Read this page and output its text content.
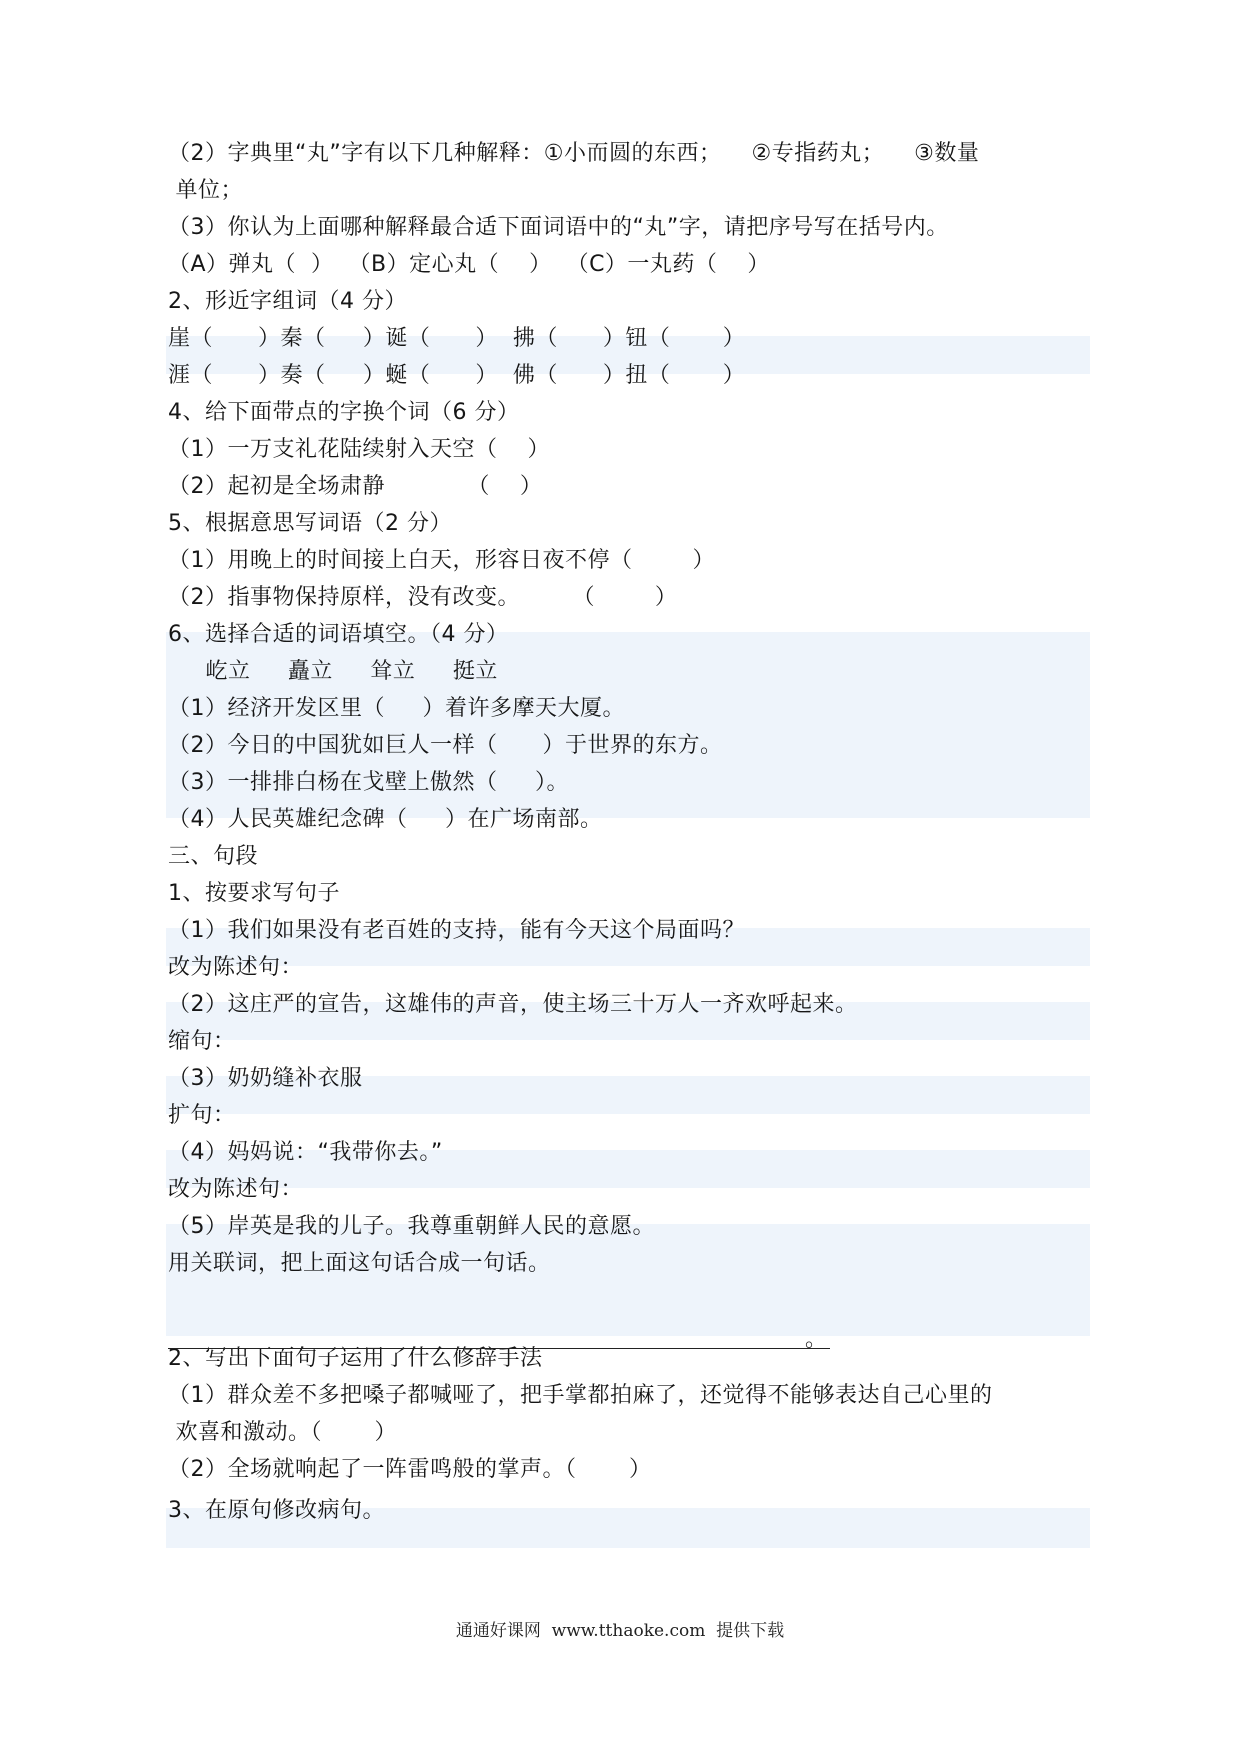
（2）字典里“丸”字有以下几种解释：①小而圆的东西；    ②专指药丸；    ③数量
单位；
（3）你认为上面哪种解释最合适下面词语中的“丸”字，请把序号写在括号内。
（A）弹丸（  ）  （B）定心丸（    ）  （C）一丸药（    ）
2、形近字组词（4 分）
崖（      ）秦（     ）诞（      ）  拂（      ）钮（       ）
涯（      ）奏（     ）蜒（      ）  佛（      ）扭（       ）
4、给下面带点的字换个词（6 分）
（1）一万支礼花陆续射入天空（    ）
（2）起初是全场肃静           （    ）
5、根据意思写词语（2 分）
（1）用晚上的时间接上白天，形容日夜不停（        ）
（2）指事物保持原样，没有改变。       （        ）
6、选择合适的词语填空。（4 分）
屹立     矗立     耸立     挺立
（1）经济开发区里（     ）着许多摩天大厦。
（2）今日的中国犹如巨人一样（      ）于世界的东方。
（3）一排排白杨在戈壁上傲然（     ）。
（4）人民英雄纪念碑（     ）在广场南部。
三、句段
1、按要求写句子
（1）我们如果没有老百姓的支持，能有今天这个局面吗？
改为陈述句：
（2）这庄严的宣告，这雄伟的声音，使主场三十万人一齐欢呼起来。
缩句：
（3）奶奶缝补衣服
扩句：
（4）妈妈说：“我带你去。”
改为陈述句：
（5）岸英是我的儿子。我尊重朝鲜人民的意愿。
用关联词，把上面这句话合成一句话。
2、写出下面句子运用了什么修辞手法
（1）群众差不多把嗓子都喊哑了，把手掌都拍麻了，还觉得不能够表达自己心里的
欢喜和激动。（       ）
（2）全场就响起了一阵雷鸣般的掌声。（       ）
3、在原句修改病句。
。
通通好课网  www.tthaoke.com  提供下载
